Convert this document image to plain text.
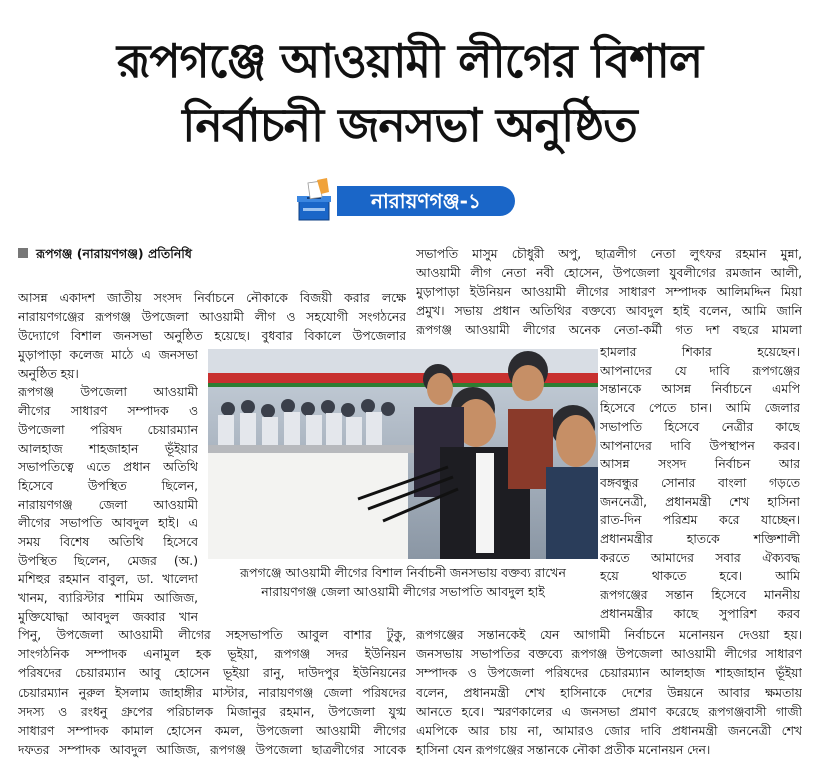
রূপগঞ্জে আওয়ামী লীগের বিশাল
নির্বাচনী জনসভা অনুষ্ঠিত
নারায়ণগঞ্জ-১
রূপগঞ্জ (নারায়ণগঞ্জ) প্রতিনিধি
আসন্ন একাদশ জাতীয় সংসদ নির্বাচনে নৌকাকে বিজয়ী করার লক্ষে
নারায়ণগঞ্জের রূপগঞ্জ উপজেলা আওয়ামী লীগ ও সহযোগী সংগঠনের
উদ্যোগে বিশাল জনসভা অনুষ্ঠিত হয়েছে। বুধবার বিকালে উপজেলার
মুড়াপাড়া কলেজ মাঠে এ জনসভা
অনুষ্ঠিত হয়।
রূপগঞ্জ উপজেলা আওয়ামী
লীগের সাধারণ সম্পাদক ও
উপজেলা পরিষদ চেয়ারম্যান
আলহাজ শাহজাহান ভূঁইয়ার
সভাপতিত্বে এতে প্রধান অতিথি
হিসেবে উপস্থিত ছিলেন,
নারায়ণগঞ্জ জেলা আওয়ামী
লীগের সভাপতি আবদুল হাই। এ
সময় বিশেষ অতিথি হিসেবে
উপস্থিত ছিলেন, মেজর (অ.)
মশিহুর রহমান বাবুল, ডা. খালেদা
খানম, ব্যারিস্টার শামিম আজিজ,
মুক্তিযোদ্ধা আবদুল জব্বার খান
পিনু, উপজেলা আওয়ামী লীগের সহসভাপতি আবুল বাশার টুকু,
সাংগঠনিক সম্পাদক এনামুল হক ভূইয়া, রূপগঞ্জ সদর ইউনিয়ন
পরিষদের চেয়ারম্যান আবু হোসেন ভূইয়া রানু, দাউদপুর ইউনিয়নের
চেয়ারম্যান নুরুল ইসলাম জাহাঙ্গীর মাস্টার, নারায়ণগঞ্জ জেলা পরিষদের
সদস্য ও রংধনু গ্রুপের পরিচালক মিজানুর রহমান, উপজেলা যুগ্ম
সাধারণ সম্পাদক কামাল হোসেন কমল, উপজেলা আওয়ামী লীগের
দফতর সম্পাদক আবদুল আজিজ, রূপগঞ্জ উপজেলা ছাত্রলীগের সাবেক
সভাপতি মাসুম চৌধুরী অপু, ছাত্রলীগ নেতা লুৎফর রহমান মুন্না,
আওয়ামী লীগ নেতা নবী হোসেন, উপজেলা যুবলীগের রমজান আলী,
মুড়াপাড়া ইউনিয়ন আওয়ামী লীগের সাধারণ সম্পাদক আলিমদ্দিন মিয়া
প্রমুখ। সভায় প্রধান অতিথির বক্তব্যে আবদুল হাই বলেন, আমি জানি
রূপগঞ্জ আওয়ামী লীগের অনেক নেতা-কর্মী গত দশ বছরে মামলা
হামলার শিকার হয়েছেন।
আপনাদের যে দাবি রূপগঞ্জের
সন্তানকে আসন্ন নির্বাচনে এমপি
হিসেবে পেতে চান। আমি জেলার
সভাপতি হিসেবে নেত্রীর কাছে
আপনাদের দাবি উপস্থাপন করব।
আসন্ন সংসদ নির্বাচন আর
বঙ্গবন্ধুর সোনার বাংলা গড়তে
জননেত্রী, প্রধানমন্ত্রী শেখ হাসিনা
রাত-দিন পরিশ্রম করে যাচ্ছেন।
প্রধানমন্ত্রীর হাতকে শক্তিশালী
করতে আমাদের সবার ঐক্যবদ্ধ
হয়ে থাকতে হবে। আমি
রূপগঞ্জের সন্তান হিসেবে মাননীয়
প্রধানমন্ত্রীর কাছে সুপারিশ করব
রূপগঞ্জের সন্তানকেই যেন আগামী নির্বাচনে মনোনয়ন দেওয়া হয়।
জনসভায় সভাপতির বক্তব্যে রূপগঞ্জ উপজেলা আওয়ামী লীগের সাধারণ
সম্পাদক ও উপজেলা পরিষদের চেয়ারম্যান আলহাজ শাহজাহান ভূঁইয়া
বলেন, প্রধানমন্ত্রী শেখ হাসিনাকে দেশের উন্নয়নে আবার ক্ষমতায়
আনতে হবে। স্মরণকালের এ জনসভা প্রমাণ করেছে রূপগঞ্জবাসী গাজী
এমপিকে আর চায় না, আমারও জোর দাবি প্রধানমন্ত্রী জননেত্রী শেখ
হাসিনা যেন রূপগঞ্জের সন্তানকে নৌকা প্রতীক মনোনয়ন দেন।
রূপগঞ্জে আওয়ামী লীগের বিশাল নির্বাচনী জনসভায় বক্তব্য রাখেন
নারায়ণগঞ্জ জেলা আওয়ামী লীগের সভাপতি আবদুল হাই
